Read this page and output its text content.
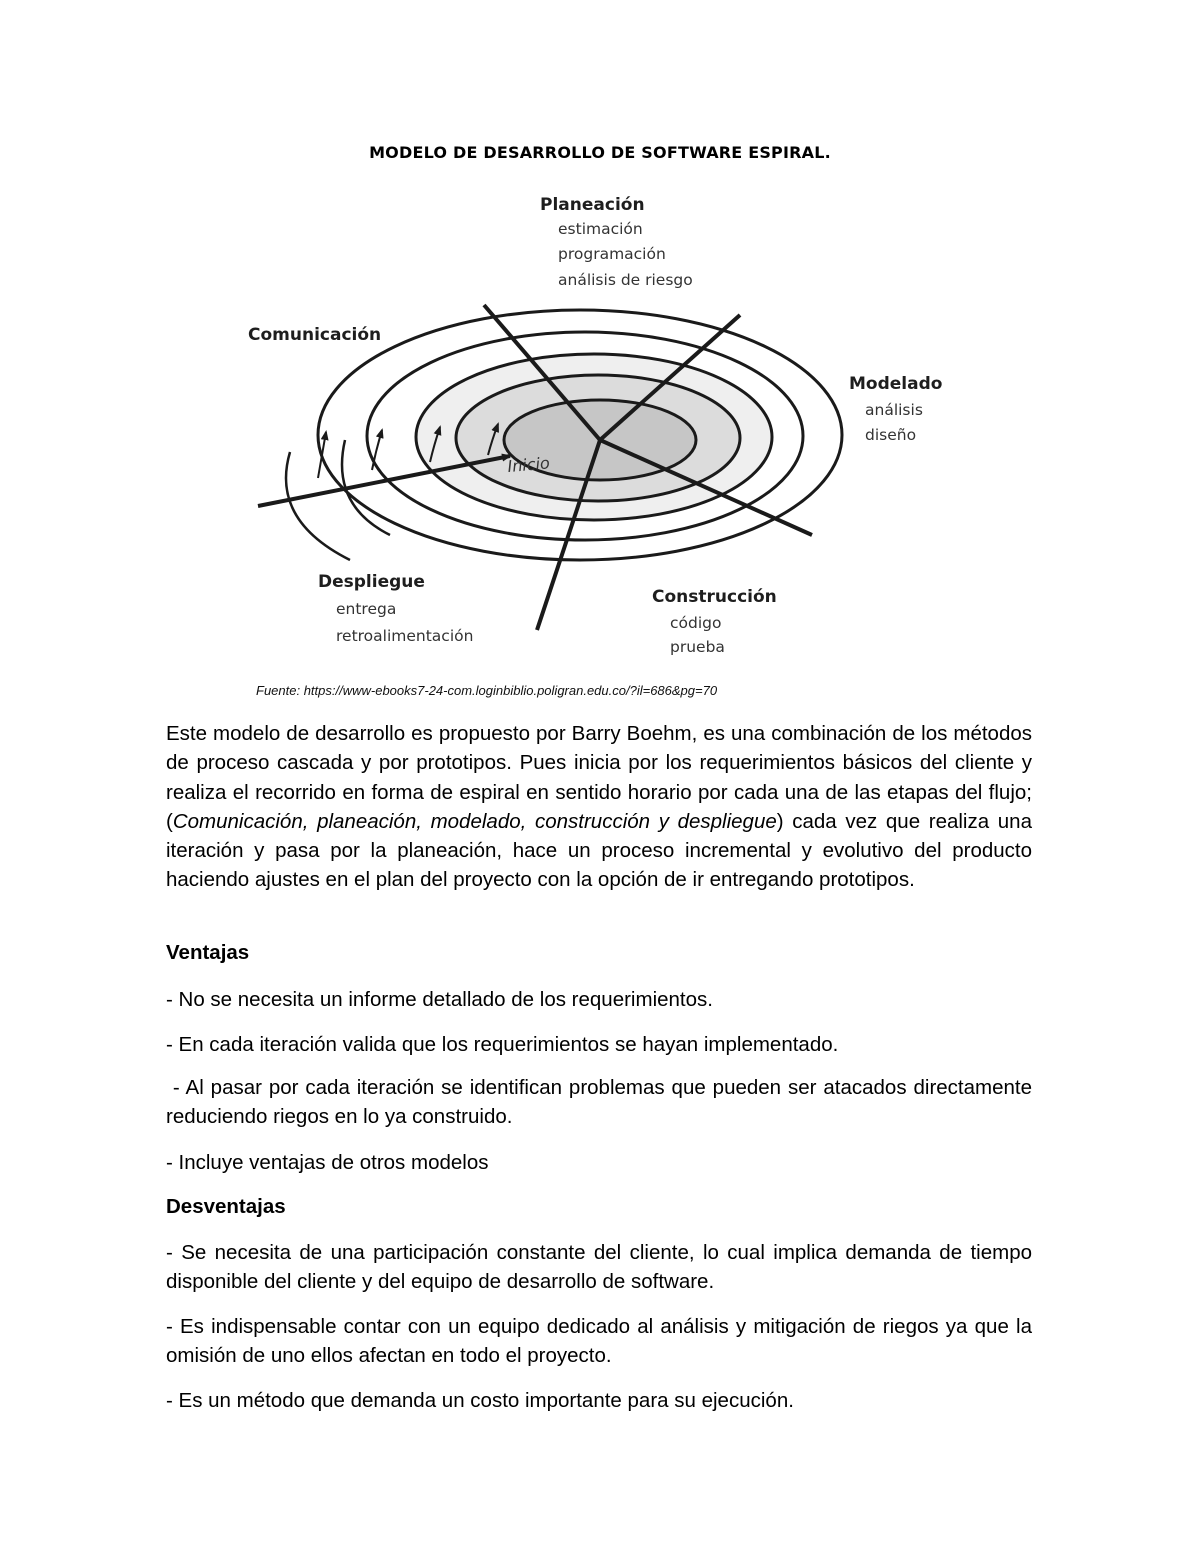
MODELO DE DESARROLLO DE SOFTWARE ESPIRAL.
Inicio
Planeación
estimación
programación
análisis de riesgo
Comunicación
Modelado
análisis
diseño
Despliegue
entrega
retroalimentación
Construcción
código
prueba
Fuente: https://www-ebooks7-24-com.loginbiblio.poligran.edu.co/?il=686&pg=70

Este modelo de desarrollo es propuesto por Barry Boehm, es una combinación de los métodos de proceso cascada y por prototipos. Pues inicia por los requerimientos básicos del cliente y realiza el recorrido en forma de espiral en sentido horario por cada una de las etapas del flujo; (Comunicación, planeación, modelado, construcción y despliegue) cada vez que realiza una iteración y pasa por la planeación, hace un proceso incremental y evolutivo del producto haciendo ajustes en el plan del proyecto con la opción de ir entregando prototipos.

Ventajas

- No se necesita un informe detallado de los requerimientos.

- En cada iteración valida que los requerimientos se hayan implementado.

- Al pasar por cada iteración se identifican problemas que pueden ser atacados directamente reduciendo riegos en lo ya construido.

- Incluye ventajas de otros modelos

Desventajas

- Se necesita de una participación constante del cliente, lo cual implica demanda de tiempo disponible del cliente y del equipo de desarrollo de software.

- Es indispensable contar con un equipo dedicado al análisis y mitigación de riegos ya que la omisión de uno ellos afectan en todo el proyecto.

- Es un método que demanda un costo importante para su ejecución.
